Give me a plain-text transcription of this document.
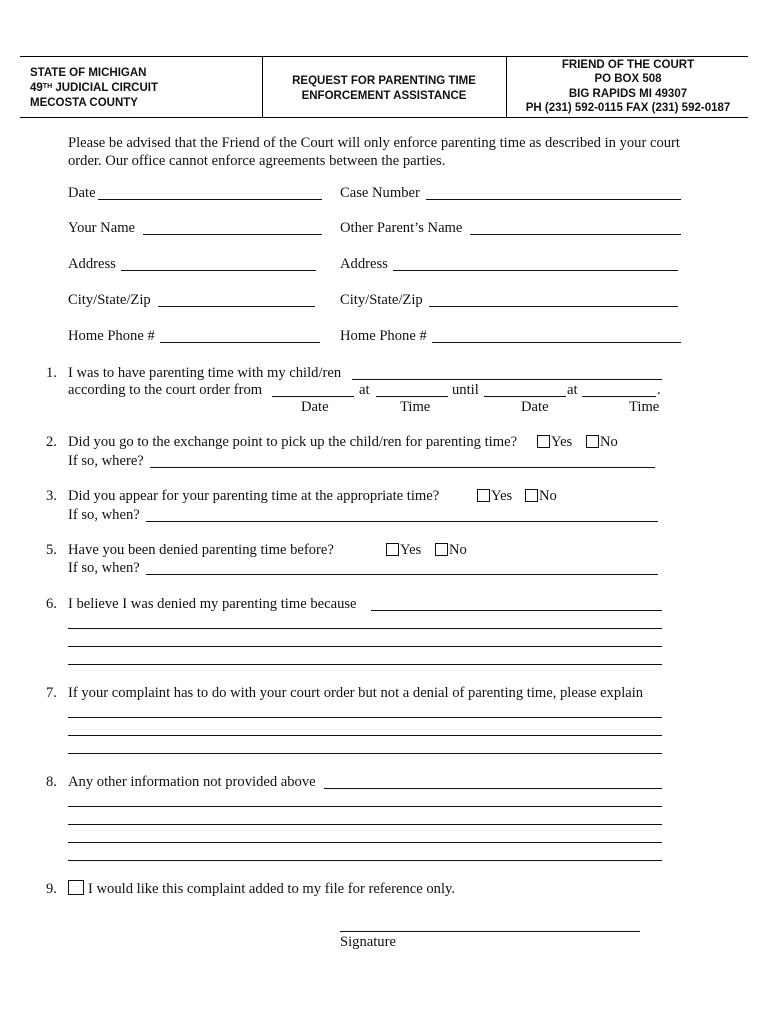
STATE OF MICHIGAN
49TH JUDICIAL CIRCUIT
MECOSTA COUNTY
REQUEST FOR PARENTING TIME
ENFORCEMENT ASSISTANCE
FRIEND OF THE COURT
PO BOX 508
BIG RAPIDS MI 49307
PH (231) 592-0115 FAX (231) 592-0187
Please be advised that the Friend of the Court will only enforce parenting time as described in your court
order. Our office cannot enforce agreements between the parties.
Date	Case Number
Your Name	Other Parent’s Name
Address	Address
City/State/Zip	City/State/Zip
Home Phone #	Home Phone #
1. I was to have parenting time with my child/ren
according to the court order from	at	until	at	.
Date	Time	Date	Time
2. Did you go to the exchange point to pick up the child/ren for parenting time?	Yes	No
If so, where?
3. Did you appear for your parenting time at the appropriate time?	Yes	No
If so, when?
5. Have you been denied parenting time before?	Yes	No
If so, when?
6. I believe I was denied my parenting time because
7. If your complaint has to do with your court order but not a denial of parenting time, please explain
8. Any other information not provided above
9.	I would like this complaint added to my file for reference only.
Signature
